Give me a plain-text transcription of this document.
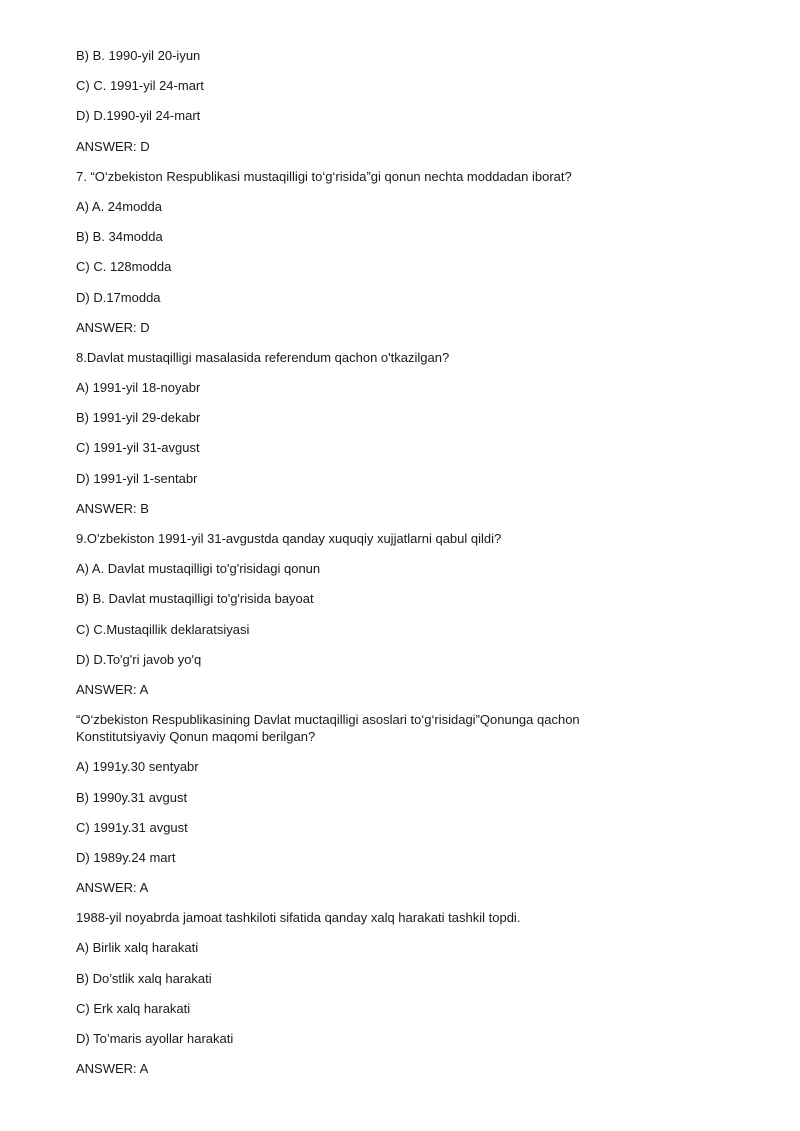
B) B. 1990-yil 20-iyun
C) C. 1991-yil 24-mart
D) D.1990-yil 24-mart
ANSWER: D
7. “O‘zbekiston Respublikasi mustaqilligi to‘g‘risida”gi qonun nechta moddadan iborat?
A) A. 24modda
B) B. 34modda
C) C. 128modda
D) D.17modda
ANSWER: D
8.Davlat mustaqilligi masalasida referendum qachon o'tkazilgan?
A) 1991-yil 18-noyabr
B) 1991-yil 29-dekabr
C) 1991-yil 31-avgust
D) 1991-yil 1-sentabr
ANSWER: B
9.O'zbekiston 1991-yil 31-avgustda qanday xuquqiy xujjatlarni qabul qildi?
A) A. Davlat mustaqilligi to'g'risidagi qonun
B) B. Davlat mustaqilligi to'g'risida bayoat
C) C.Mustaqillik deklaratsiyasi
D) D.To'g'ri javob yo'q
ANSWER: A
“O‘zbekiston Respublikasining Davlat muctaqilligi asoslari to‘g‘risidagi”Qonunga qachon Konstitutsiyaviy Qonun maqomi berilgan?
A) 1991y.30 sentyabr
B) 1990y.31 avgust
C) 1991y.31 avgust
D) 1989y.24 mart
ANSWER: A
1988-yil noyabrda jamoat tashkiloti sifatida qanday xalq harakati tashkil topdi.
A) Birlik xalq harakati
B) Do’stlik xalq harakati
C) Erk xalq harakati
D) To’maris ayollar harakati
ANSWER: A
